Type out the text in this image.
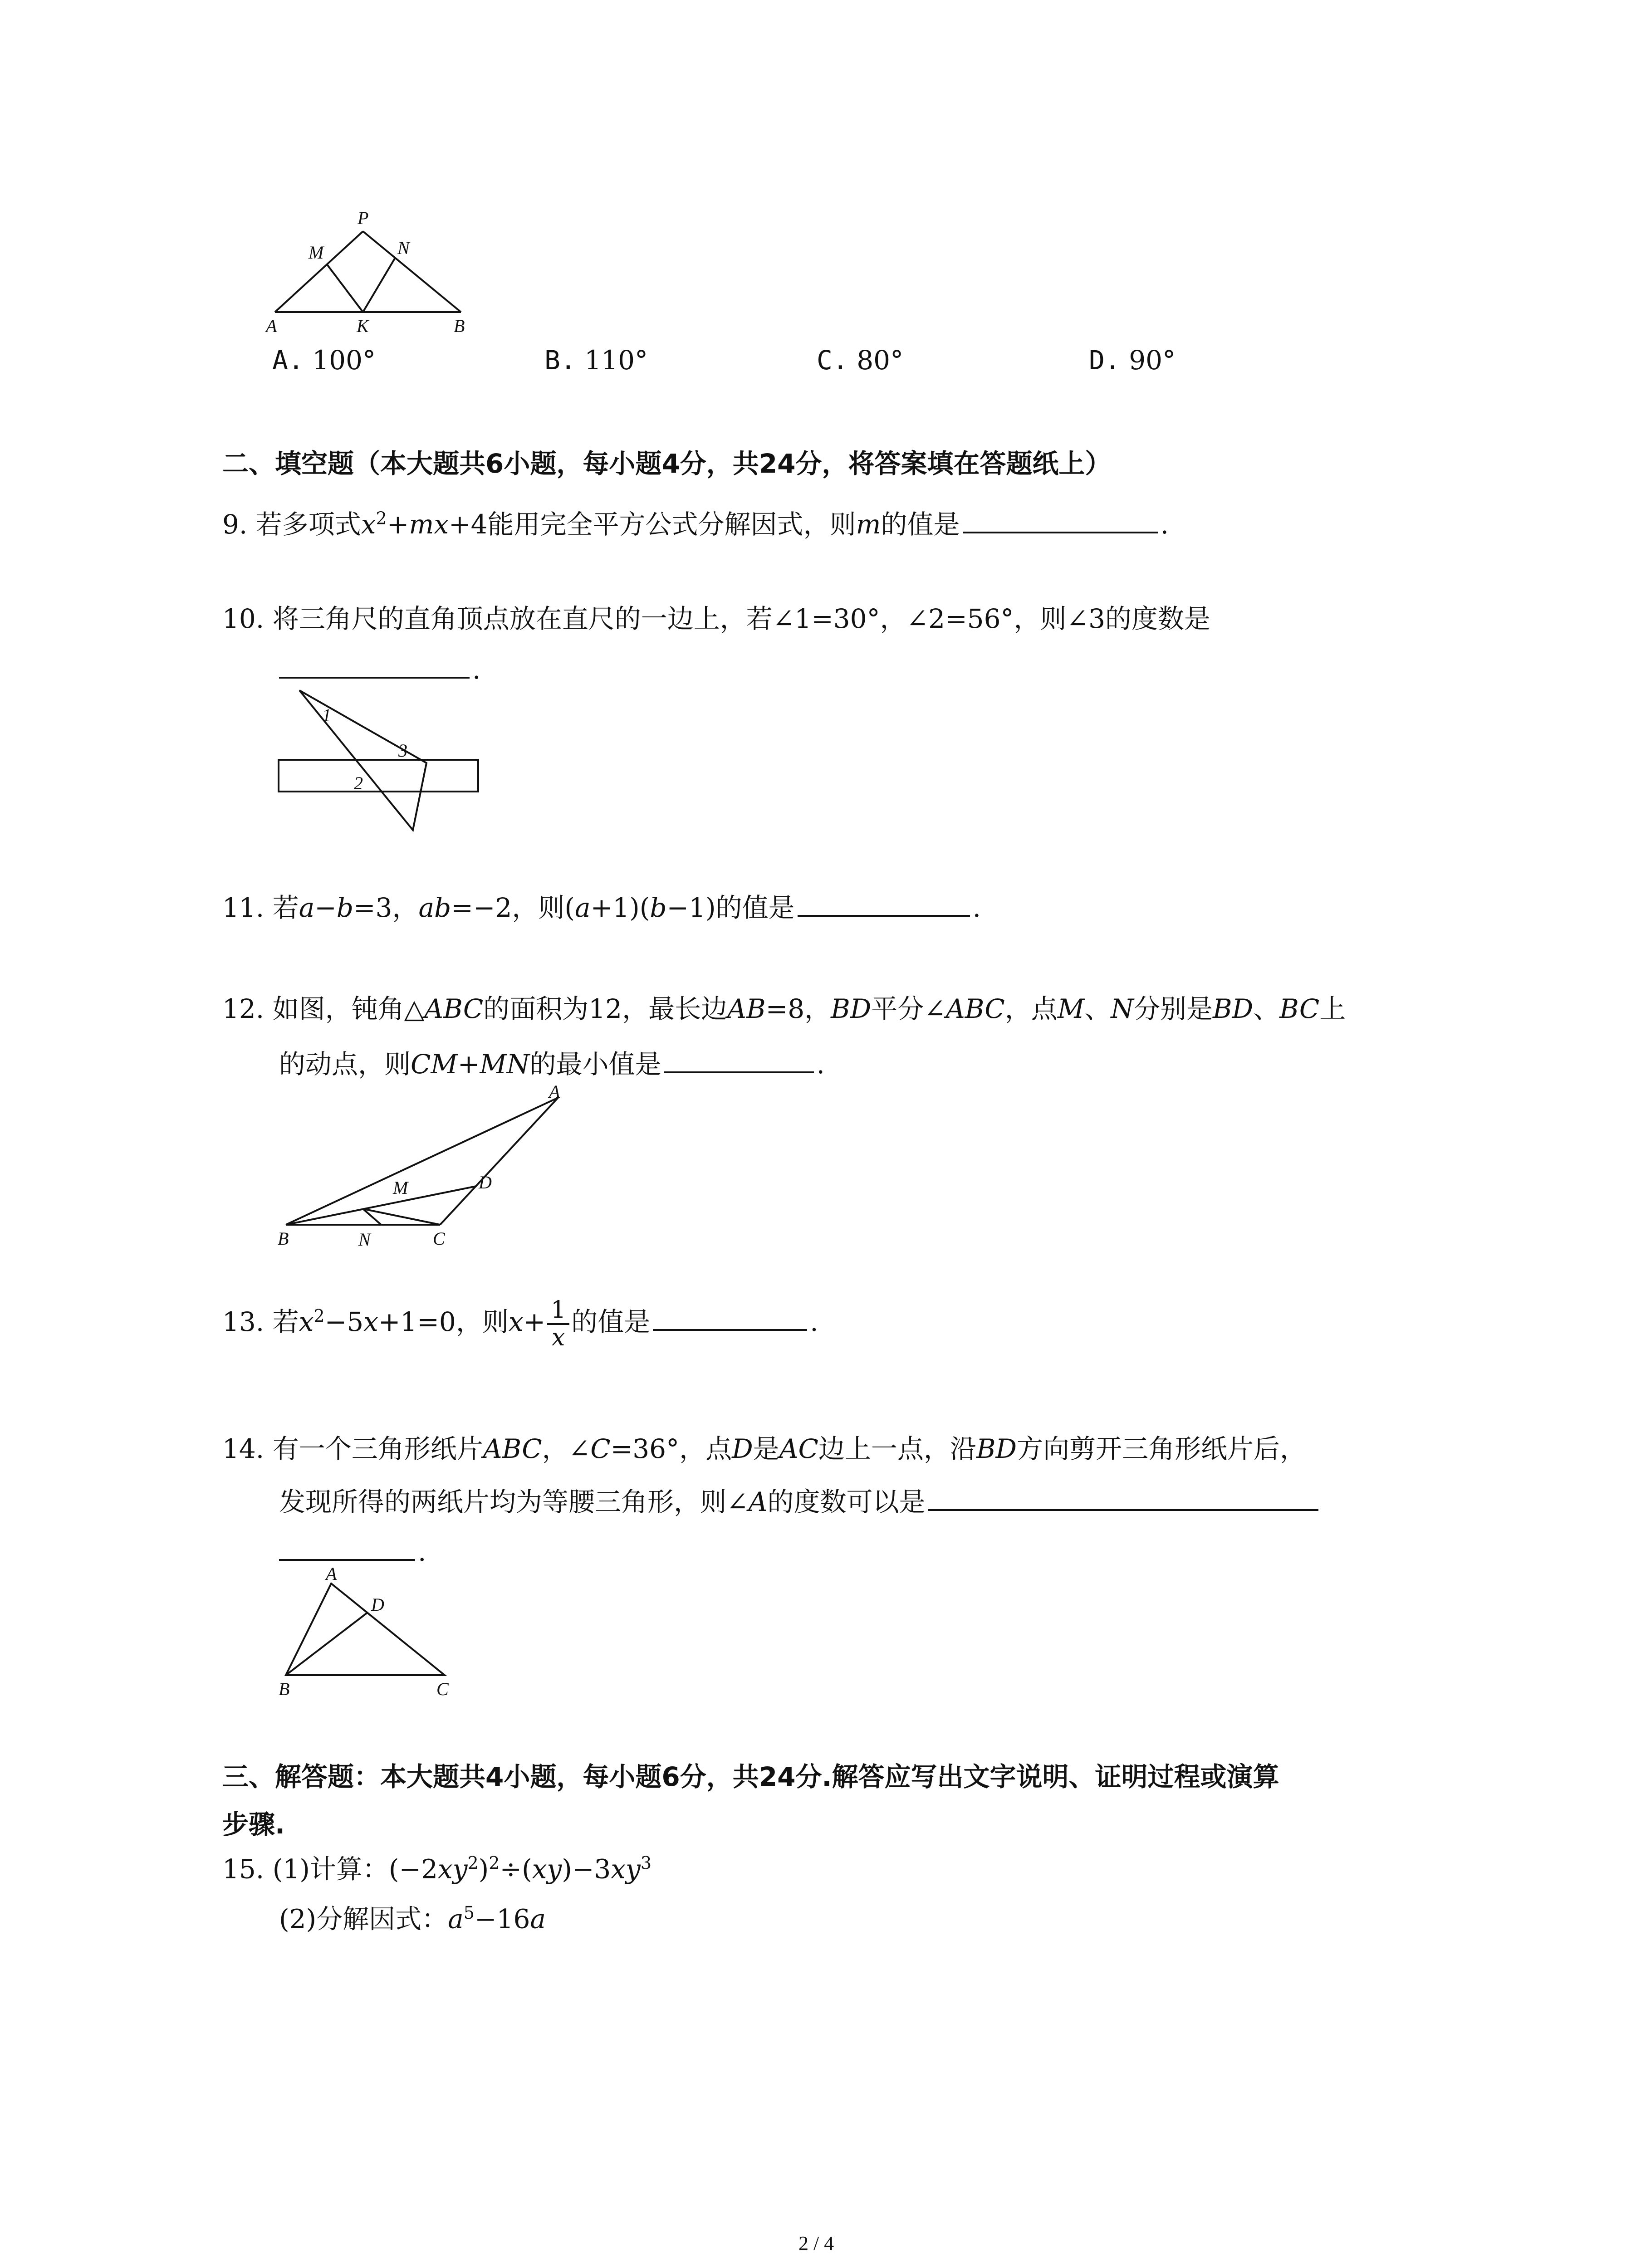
P
M	N
A	K	B
A. 100°	B. 110°	C. 80°	D. 90°
二、填空题（本大题共6小题，每小题4分，共24分，将答案填在答题纸上）
9. 若多项式$x^2+mx+4$能用完全平方公式分解因式，则m的值是	.
10. 将三角尺的直角顶点放在直尺的一边上，若∠1=30°，∠2=56°，则∠3的度数是
.
1
2
3
11. 若a−b=3，ab=−2，则(a+1)(b−1)的值是	.
12. 如图，钝角△ABC的面积为12，最长边AB=8，BD平分∠ABC，点M、N分别是BD、BC上
的动点，则CM+MN的最小值是	.
A
B	C
D
M
N
13. 若$x^2-5x+1=0$，则$x+ \frac{1}{x}$ 的值是	.
14. 有一个三角形纸片ABC，∠C=36°，点D是AC边上一点，沿BD方向剪开三角形纸片后，
发现所得的两纸片均为等腰三角形，则∠A的度数可以是
.
A
B	C
D
三、解答题：本大题共4小题，每小题6分，共24分.解答应写出文字说明、证明过程或演算
步骤.
15. (1)计算：$(-2xy^2)^2\div(xy)-3xy^3$
(2)分解因式：$a^5-16a$
2 / 4
